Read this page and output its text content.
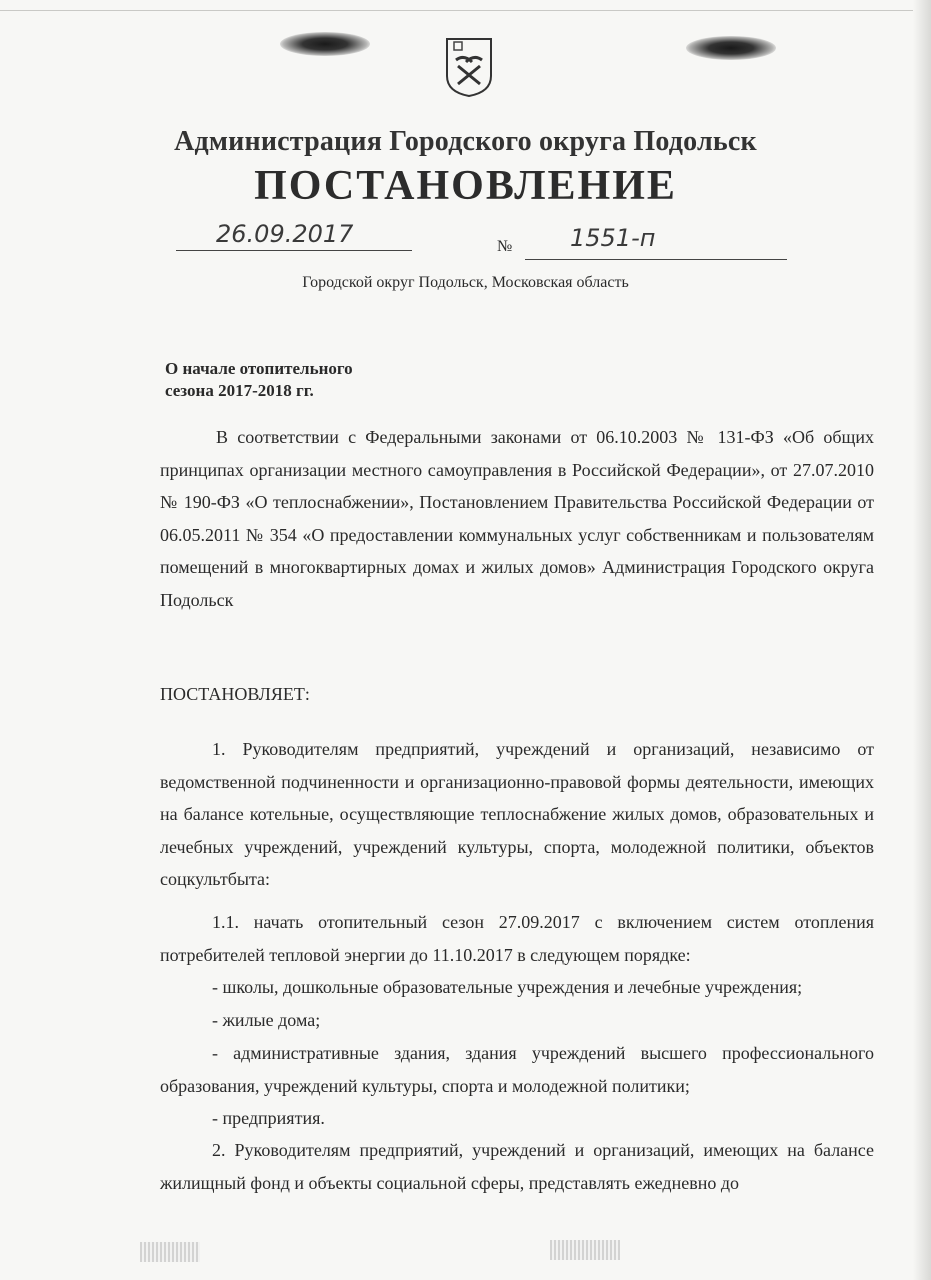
Администрация Городского округа Подольск
ПОСТАНОВЛЕНИЕ
26.09.2017	№ 1551-п
Городской округ Подольск, Московская область
О начале отопительного
сезона 2017-2018 гг.
В соответствии с Федеральными законами от 06.10.2003 № 131-ФЗ «Об общих принципах организации местного самоуправления в Российской Федерации», от 27.07.2010 № 190-ФЗ «О теплоснабжении», Постановлением Правительства Российской Федерации от 06.05.2011 № 354 «О предоставлении коммунальных услуг собственникам и пользователям помещений в многоквартирных домах и жилых домов» Администрация Городского округа Подольск
ПОСТАНОВЛЯЕТ:
1. Руководителям предприятий, учреждений и организаций, независимо от ведомственной подчиненности и организационно-правовой формы деятельности, имеющих на балансе котельные, осуществляющие теплоснабжение жилых домов, образовательных и лечебных учреждений, учреждений культуры, спорта, молодежной политики, объектов соцкультбыта:
1.1. начать отопительный сезон 27.09.2017 с включением систем отопления потребителей тепловой энергии до 11.10.2017 в следующем порядке:
- школы, дошкольные образовательные учреждения и лечебные учреждения;
- жилые дома;
- административные здания, здания учреждений высшего профессионального образования, учреждений культуры, спорта и молодежной политики;
- предприятия.
2. Руководителям предприятий, учреждений и организаций, имеющих на балансе жилищный фонд и объекты социальной сферы, представлять ежедневно до
